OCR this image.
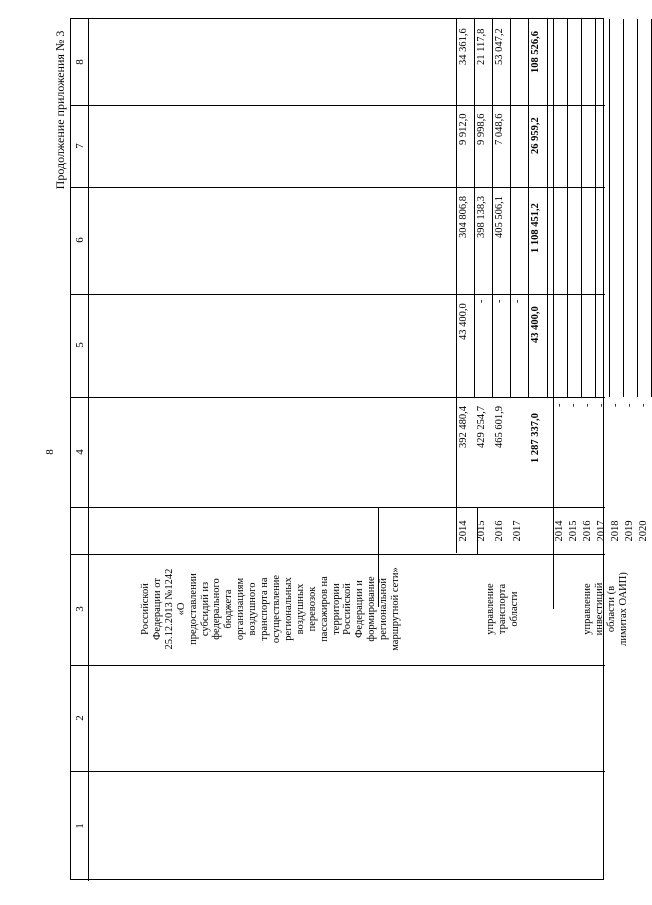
8
Продолжение приложения № 3
1
2
3
4
5
6
7
8
Российской
Федерации от
25.12.2013 №1242
«О
предоставлении
субсидий из
федерального
бюджета
организациям
воздушного
транспорта на
осуществление
региональных
воздушных
перевозок
пассажиров на
территории
Российской
Федерации и
формирование
региональной
маршрутной сети»
управление
транспорта
области	управление
инвестиций
области (в
лимитах ОАИП)
2014
392 480,4
43 400,0
304 806,8
9 912,0
34 361,6
2015
429 254,7
-
398 138,3
9 998,6
21 117,8
2016
465 601,9
-
405 506,1
7 048,6
53 047,2
2017
-
1 287 337,0
43 400,0
1 108 451,2
26 959,2
108 526,6
2014
-
2015
-
2016
-
2017
-
2018
-
2019
-
2020
-
